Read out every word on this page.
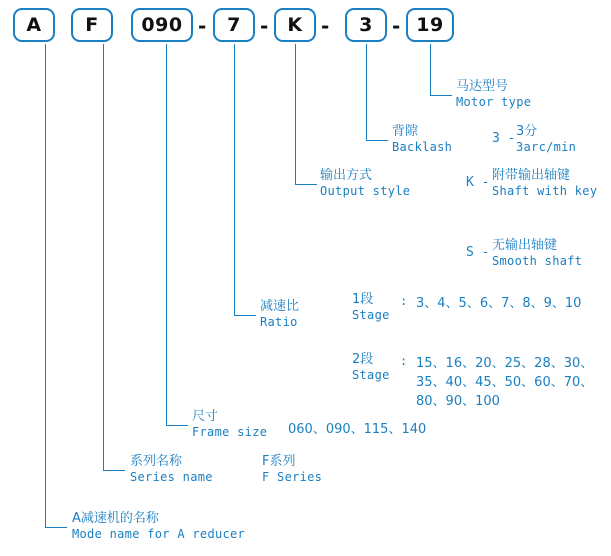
A	F	090 -	7 -	K -	3 - 19
马达型号
Motor type
背隙
Backlash
输出方式
Output style
减速比
Ratio
尺寸
Frame size
系列名称
Series name
A减速机的名称
Mode name for A reducer
3 - 3分
3arc/min
K - 附带输出轴键
Shaft with key
S - 无输出轴键
Smooth shaft
1段
Stage
: 3、4、5、6、7、8、9、10
2段
Stage
: 15、16、20、25、28、30、
35、40、45、50、60、70、
80、90、100
060、090、115、140
F系列
F Series
